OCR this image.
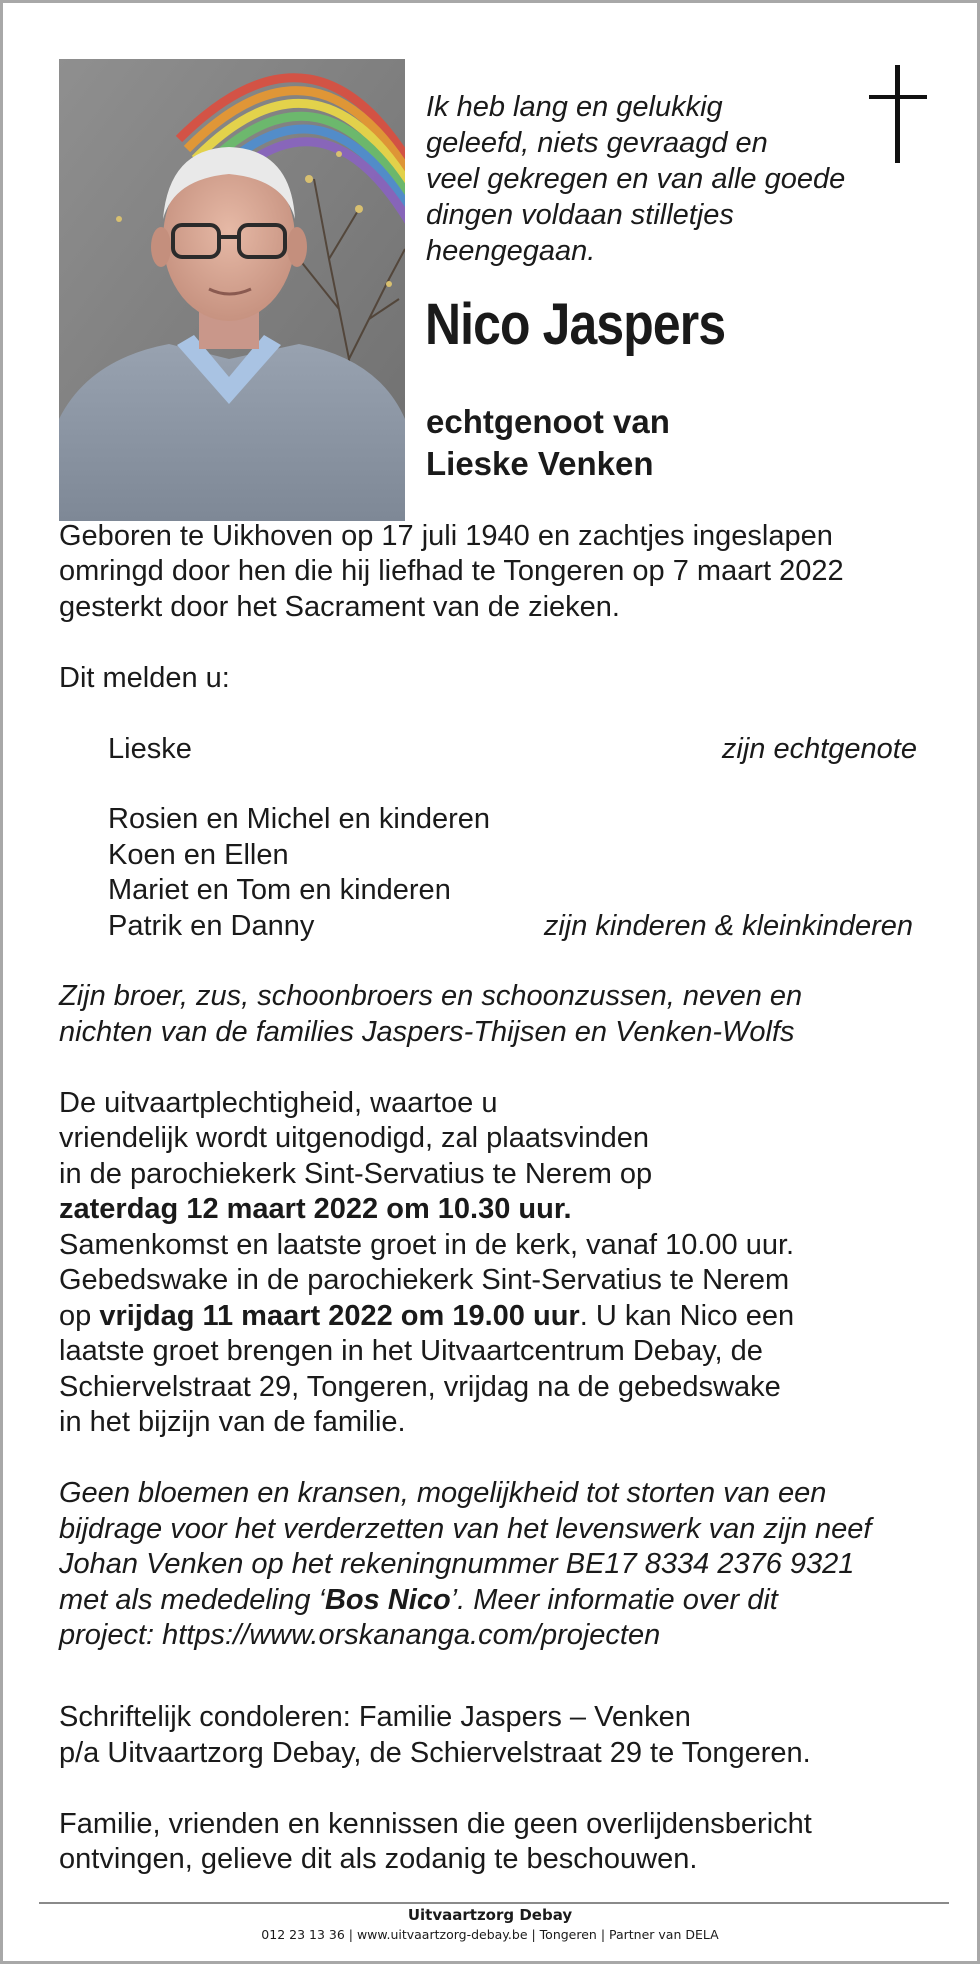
Ik heb lang en gelukkig
geleefd, niets gevraagd en
veel gekregen en van alle goede
dingen voldaan stilletjes
heengegaan.
Nico Jaspers
echtgenoot van
Lieske Venken
Geboren te Uikhoven op 17 juli 1940 en zachtjes ingeslapen
omringd door hen die hij liefhad te Tongeren op 7 maart 2022
gesterkt door het Sacrament van de zieken.
Dit melden u:
Lieske	zijn echtgenote
Rosien en Michel en kinderen
Koen en Ellen
Mariet en Tom en kinderen
Patrik en Danny	zijn kinderen & kleinkinderen
Zijn broer, zus, schoonbroers en schoonzussen, neven en
nichten van de families Jaspers-Thijsen en Venken-Wolfs
De uitvaartplechtigheid, waartoe u
vriendelijk wordt uitgenodigd, zal plaatsvinden
in de parochiekerk Sint-Servatius te Nerem op
zaterdag 12 maart 2022 om 10.30 uur.
Samenkomst en laatste groet in de kerk, vanaf 10.00 uur.
Gebedswake in de parochiekerk Sint-Servatius te Nerem
op vrijdag 11 maart 2022 om 19.00 uur. U kan Nico een
laatste groet brengen in het Uitvaartcentrum Debay, de
Schiervelstraat 29, Tongeren, vrijdag na de gebedswake
in het bijzijn van de familie.
Geen bloemen en kransen, mogelijkheid tot storten van een
bijdrage voor het verderzetten van het levenswerk van zijn neef
Johan Venken op het rekeningnummer BE17 8334 2376 9321
met als mededeling ‘Bos Nico’. Meer informatie over dit
project: https://www.orskananga.com/projecten
Schriftelijk condoleren: Familie Jaspers – Venken
p/a Uitvaartzorg Debay, de Schiervelstraat 29 te Tongeren.
Familie, vrienden en kennissen die geen overlijdensbericht
ontvingen, gelieve dit als zodanig te beschouwen.
Uitvaartzorg Debay
012 23 13 36 | www.uitvaartzorg-debay.be | Tongeren | Partner van DELA
